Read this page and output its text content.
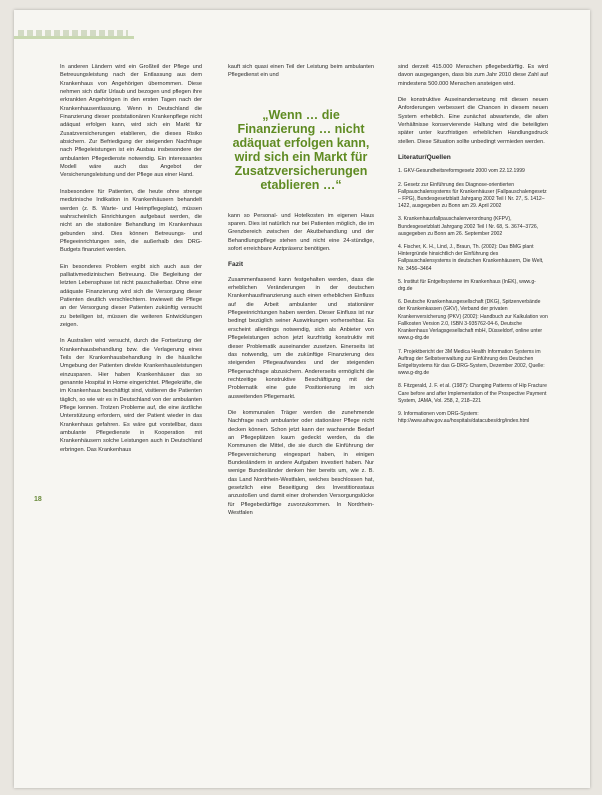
18

In anderen Ländern wird ein Großteil der Pflege und Betreuungsleistung nach der Entlassung aus dem Krankenhaus von Angehörigen übernommen. Diese nehmen sich dafür Urlaub und bezogen und pflegen ihre erkrankten Angehörigen in den ersten Tagen nach der Krankenhausentlassung. Wenn in Deutschland die Finanzierung dieser poststationären Krankenpflege nicht adäquat erfolgen kann, wird sich ein Markt für Zusatzversicherungen etablieren, die dieses Risiko absichern. Zur Befriedigung der steigenden Nachfrage nach Pflegeleistungen ist ein Ausbau insbesondere der ambulanten Pflegedienste notwendig. Ein interessantes Modell wäre auch das Angebot der Versicherungsleistung und der Pflege aus einer Hand.

Insbesondere für Patienten, die heute ohne strenge medizinische Indikation in Krankenhäusern behandelt werden (z. B. Warte- und Heimpflegeplatz), müssen wahrscheinlich Einrichtungen aufgebaut werden, die nicht an die stationäre Behandlung im Krankenhaus gebunden sind. Dies können Betreuungs- und Pflegeeinrichtungen sein, die außerhalb des DRG-Budgets finanziert werden.

Ein besonderes Problem ergibt sich auch aus der palliativmedizinischen Betreuung. Die Begleitung der letzten Lebensphase ist nicht pauschalierbar. Ohne eine adäquate Finanzierung wird sich die Versorgung dieser Patienten deutlich verschlechtern. Inwieweit die Pflege an der Versorgung dieser Patienten zukünftig versucht zu beteiligen ist, müssen die weiteren Entwicklungen zeigen.

In Australien wird versucht, durch die Fortsetzung der Krankenhausbehandlung bzw. die Verlagerung eines Teils der Krankenhausbehandlung in die häusliche Umgebung der Patienten direkte Krankenhausleistungen einzusparen. Hier haben Krankenhäuser das so genannte Hospital in Home eingerichtet. Pflegekräfte, die im Krankenhaus beschäftigt sind, visitieren die Patienten täglich, so wie wir es in Deutschland von der ambulanten Pflege kennen. Trotzen Probleme auf, die eine ärztliche Unterstützung erfordern, wird der Patient wieder in das Krankenhaus gefahren. Es wäre gut vorstellbar, dass ambulante Pflegedienste in Kooperation mit Krankenhäusern solche Leistungen auch in Deutschland erbringen. Das Krankenhaus

kauft sich quasi einen Teil der Leistung beim ambulanten Pflegedienst ein und

„Wenn … die Finanzierung … nicht adäquat erfolgen kann, wird sich ein Markt für Zusatzversicherungen etablieren …“

kann so Personal- und Hotelkosten im eigenen Haus sparen. Dies ist natürlich nur bei Patienten möglich, die im Grenzbereich zwischen der Akutbehandlung und der Behandlungspflege stehen und nicht eine 24-stündige, sofort erreichbare Arztpräsenz benötigen.

Fazit

Zusammenfassend kann festgehalten werden, dass die erheblichen Veränderungen in der deutschen Krankenhausfinanzierung auch einen erheblichen Einfluss auf die Arbeit ambulanter und stationärer Pflegeeinrichtungen haben werden. Dieser Einfluss ist nur bedingt bezüglich seiner Auswirkungen vorhersehbar. Es erscheint allerdings notwendig, sich als Anbieter von Pflegeleistungen schon jetzt kurzfristig konstruktiv mit dieser Problematik auseinander zusetzen. Einerseits ist das notwendig, um die zukünftige Finanzierung des steigenden Pflegeaufwandes und der steigenden Pflegenachfrage abzusichern. Andererseits ermöglicht die rechtzeitige konstruktive Beschäftigung mit der Problematik eine gute Positionierung im sich ausweitenden Pflegemarkt.

Die kommunalen Träger werden die zunehmende Nachfrage nach ambulanter oder stationärer Pflege nicht decken können. Schon jetzt kann der wachsende Bedarf an Pflegeplätzen kaum gedeckt werden, da die Kommunen die Mittel, die sie durch die Einführung der Pflegeversicherung eingespart haben, in einigen Bundesländern in andere Aufgaben investiert haben. Nur wenige Bundesländer denken hier bereits um, wie z. B. das Land Nordrhein-Westfalen, welches beschlossen hat, gesetzlich eine Beseitigung des Investitionsstaus anzustoßen und damit einer drohenden Versorgungslücke für Pflegebedürftige zuvorzukommen. In Nordrhein-Westfalen

sind derzeit 415.000 Menschen pflegebedürftig. Es wird davon ausgegangen, dass bis zum Jahr 2010 diese Zahl auf mindestens 500.000 Menschen ansteigen wird.

Die konstruktive Auseinandersetzung mit diesen neuen Anforderungen verbessert die Chancen in diesem neuen System erheblich. Eine zunächst abwartende, die alten Verhältnisse konservierende Haltung wird die beteiligten später unter kurzfristigen erheblichen Handlungsdruck stellen. Diese Situation sollte unbedingt vermieden werden.

Literatur/Quellen
1. GKV-Gesundheitsreformgesetz 2000 vom 22.12.1999
2. Gesetz zur Einführung des Diagnose-orientierten Fallpauschalensystems für Krankenhäuser (Fallpauschalengesetz – FPG), Bundesgesetzblatt Jahrgang 2002 Teil I Nr. 27, S. 1412–1422, ausgegeben zu Bonn am 29. April 2002
3. Krankenhausfallpauschalenverordnung (KFPV), Bundesgesetzblatt Jahrgang 2002 Teil I Nr. 68, S. 3674–3726, ausgegeben zu Bonn am 26. September 2002
4. Fischer, K. H., Lind, J., Braun, Th. (2002): Das BMG plant Hintergründe hinsichtlich der Einführung des Fallpauschalensystems in deutschen Krankenhäusern, Die Welt, Nr. 3456–3464
5. Institut für Entgeltsysteme im Krankenhaus (InEK), www.g-drg.de
6. Deutsche Krankenhausgesellschaft (DKG), Spitzenverbände der Krankenkassen (GKV), Verband der privaten Krankenversicherung (PKV) (2002): Handbuch zur Kalkulation von Fallkosten Version 2.0, ISBN 3-935762-04-6, Deutsche Krankenhaus Verlagsgesellschaft mbH, Düsseldorf, online unter www.g-drg.de
7. Projektbericht der 3M Medica Health Information Systems im Auftrag der Selbstverwaltung zur Einführung des Deutschen Entgeltsystems für das G-DRG-System, Dezember 2002, Quelle: www.g-drg.de
8. Fitzgerald, J. F. et al. (1987): Changing Patterns of Hip Fracture Care before and after Implementation of the Prospective Payment System, JAMA, Vol. 258, 2, 218–221
9. Informationen vom DRG-System: http://www.aihw.gov.au/hospitals/datacubes/drg/index.html
